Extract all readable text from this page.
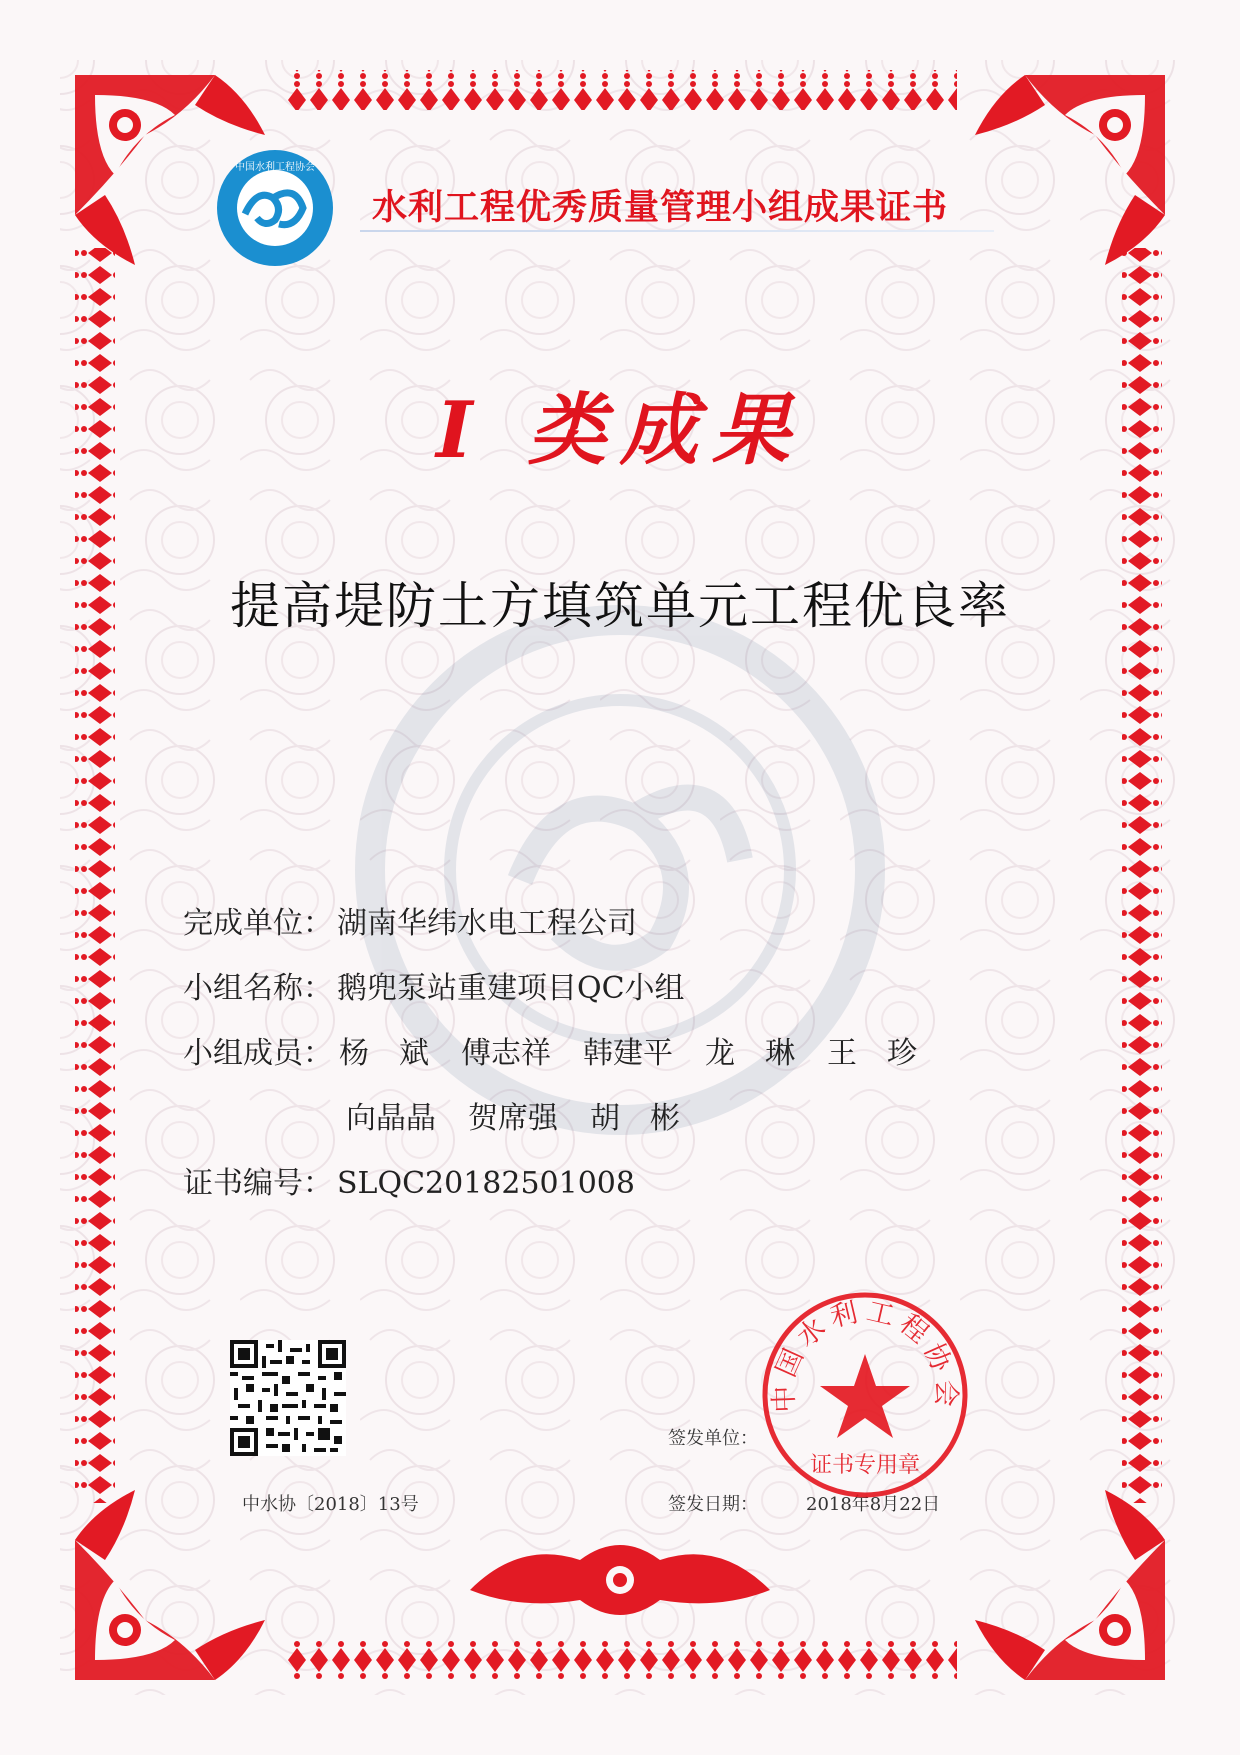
中国水利工程协会
水利工程优秀质量管理小组成果证书
I 类成果
提高堤防土方填筑单元工程优良率
完成单位： 湖南华纬水电工程公司
小组名称： 鹅兜泵站重建项目QC小组
小组成员： 杨　斌 傅志祥 韩建平 龙　琳 王　珍
向晶晶 贺席强 胡　彬
证书编号： SLQC20182501008
中水协〔2018〕13号
签发单位：
签发日期：	2018年8月22日
中国水利工程协会
证书专用章
